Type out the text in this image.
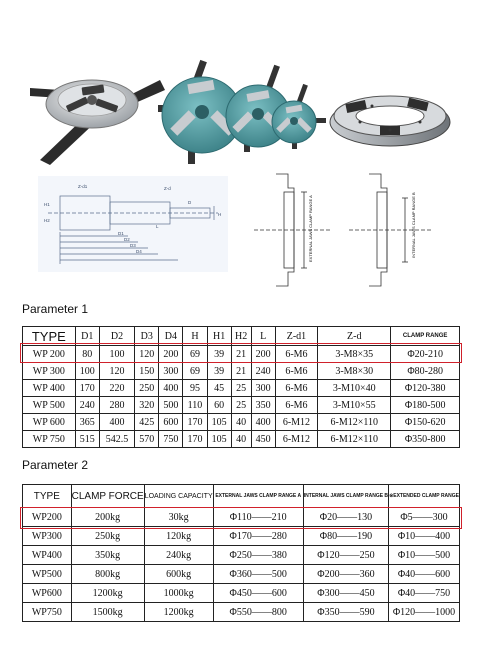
Z-d1	Z-d
D
H
H1
H2
L
D1
D2
D3
D4	EXTERNAL JAWS CLAMP RANGE A	INTERNAL JAWS CLAMP RANGE B
Parameter 1
TYPE	D1	D2	D3	D4	H	H1	H2	L	Z-d1	Z-d	CLAMP RANGE
WP 200	80	100	120	200	69	39	21	200	6-M6	3-M8×35	Φ20-210
WP 300	100	120	150	300	69	39	21	240	6-M6	3-M8×30	Φ80-280
WP 400	170	220	250	400	95	45	25	300	6-M6	3-M10×40	Φ120-380
WP 500	240	280	320	500	110	60	25	350	6-M6	3-M10×55	Φ180-500
WP 600	365	400	425	600	170	105	40	400	6-M12	6-M12×110	Φ150-620
WP 750	515	542.5	570	750	170	105	40	450	6-M12	6-M12×110	Φ350-800
Parameter 2
TYPE	CLAMP FORCE	LOADING CAPACITY	EXTERNAL JAWS CLAMP RANGE A	INTERNAL JAWS CLAMP RANGE B	※EXTENDED CLAMP RANGE
WP200	200kg	30kg	Φ110——210	Φ20——130	Φ5——300
WP300	250kg	120kg	Φ170——280	Φ80——190	Φ10——400
WP400	350kg	240kg	Φ250——380	Φ120——250	Φ10——500
WP500	800kg	600kg	Φ360——500	Φ200——360	Φ40——600
WP600	1200kg	1000kg	Φ450——600	Φ300——450	Φ40——750
WP750	1500kg	1200kg	Φ550——800	Φ350——590	Φ120——1000
